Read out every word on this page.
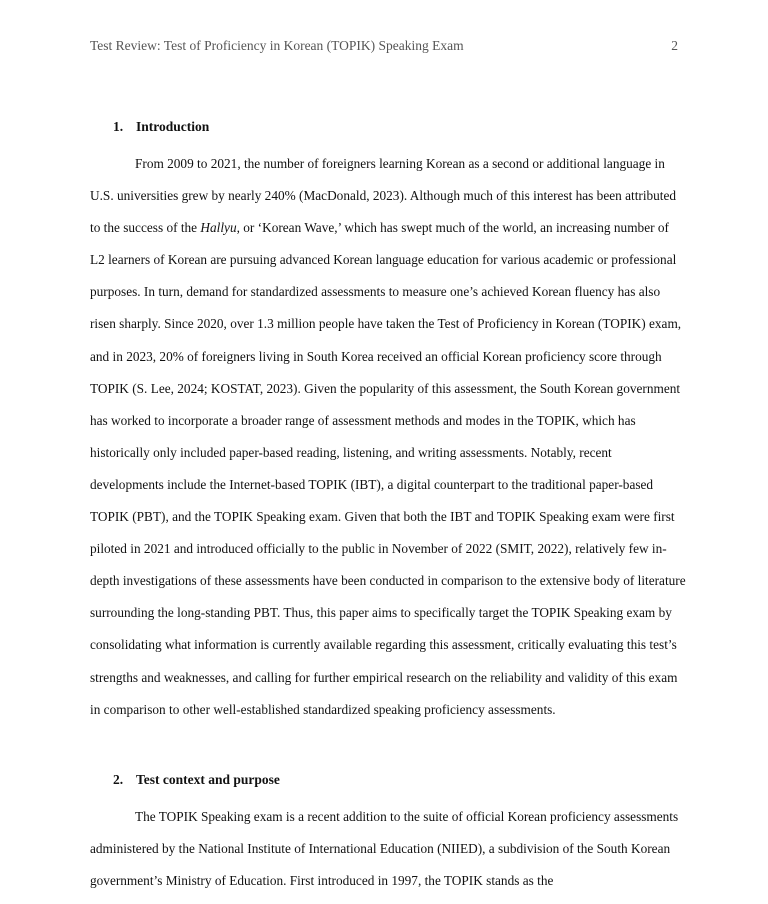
Test Review: Test of Proficiency in Korean (TOPIK) Speaking Exam	2
1. Introduction

From 2009 to 2021, the number of foreigners learning Korean as a second or additional language in U.S. universities grew by nearly 240% (MacDonald, 2023). Although much of this interest has been attributed to the success of the Hallyu, or ‘Korean Wave,’ which has swept much of the world, an increasing number of L2 learners of Korean are pursuing advanced Korean language education for various academic or professional purposes. In turn, demand for standardized assessments to measure one’s achieved Korean fluency has also risen sharply. Since 2020, over 1.3 million people have taken the Test of Proficiency in Korean (TOPIK) exam, and in 2023, 20% of foreigners living in South Korea received an official Korean proficiency score through TOPIK (S. Lee, 2024; KOSTAT, 2023). Given the popularity of this assessment, the South Korean government has worked to incorporate a broader range of assessment methods and modes in the TOPIK, which has historically only included paper-based reading, listening, and writing assessments. Notably, recent developments include the Internet-based TOPIK (IBT), a digital counterpart to the traditional paper-based TOPIK (PBT), and the TOPIK Speaking exam. Given that both the IBT and TOPIK Speaking exam were first piloted in 2021 and introduced officially to the public in November of 2022 (SMIT, 2022), relatively few in-depth investigations of these assessments have been conducted in comparison to the extensive body of literature surrounding the long-standing PBT. Thus, this paper aims to specifically target the TOPIK Speaking exam by consolidating what information is currently available regarding this assessment, critically evaluating this test’s strengths and weaknesses, and calling for further empirical research on the reliability and validity of this exam in comparison to other well-established standardized speaking proficiency assessments.

2. Test context and purpose

The TOPIK Speaking exam is a recent addition to the suite of official Korean proficiency assessments administered by the National Institute of International Education (NIIED), a subdivision of the South Korean government’s Ministry of Education. First introduced in 1997, the TOPIK stands as the
